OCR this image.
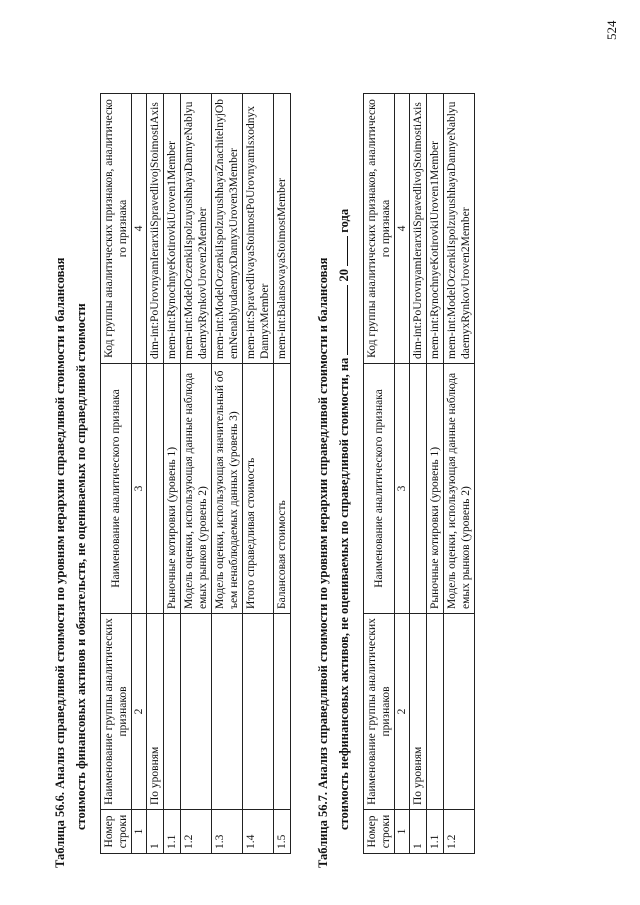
524
Таблица 56.6. Анализ справедливой стоимости по уровням иерархии справедливой стоимости и балансовая стоимость финансовых активов и обязательств, не оцениваемых по справедливой стоимости
Номер строки	Наименование группы аналитических признаков	Наименование аналитического признака	Код группы аналитических признаков, аналитического признака
1	2	3	4
1	По уровням		dim-int:PoUrovnyamIerarxiiSpravedlivojStoimostiAxis
1.1		Рыночные котировки (уровень 1)	mem-int:RynochnyeKotirovkiUroven1Member
1.2		Модель оценки, использующая данные наблюдаемых рынков (уровень 2)	mem-int:ModelOczenkiIspolzuyushhayaDannyeNablyudaemyxRynkovUroven2Member
1.3		Модель оценки, использующая значительный объем ненаблюдаемых данных (уровень 3)	mem-int:ModelOczenkiIspolzuyushhayaZnachitelnyjObemNenablyudaemyxDannyxUroven3Member
1.4		Итого справедливая стоимость	mem-int:SpravedlivayaStoimostPoUrovnyamIsxodnyxDannyxMember
1.5		Балансовая стоимость	mem-int:BalansovayaStoimostMember Таблица 56.7. Анализ справедливой стоимости по уровням иерархии справедливой стоимости и балансовая стоимость нефинансовых активов, не оцениваемых по справедливой стоимости, на  20  года
Номер строки	Наименование группы аналитических признаков	Наименование аналитического признака	Код группы аналитических признаков, аналитического признака
1	2	3	4
1	По уровням		dim-int:PoUrovnyamIerarxiiSpravedlivojStoimostiAxis
1.1		Рыночные котировки (уровень 1)	mem-int:RynochnyeKotirovkiUroven1Member
1.2		Модель оценки, использующая данные наблюдаемых рынков (уровень 2)	mem-int:ModelOczenkiIspolzuyushhayaDannyeNablyudaemyxRynkovUroven2Member
